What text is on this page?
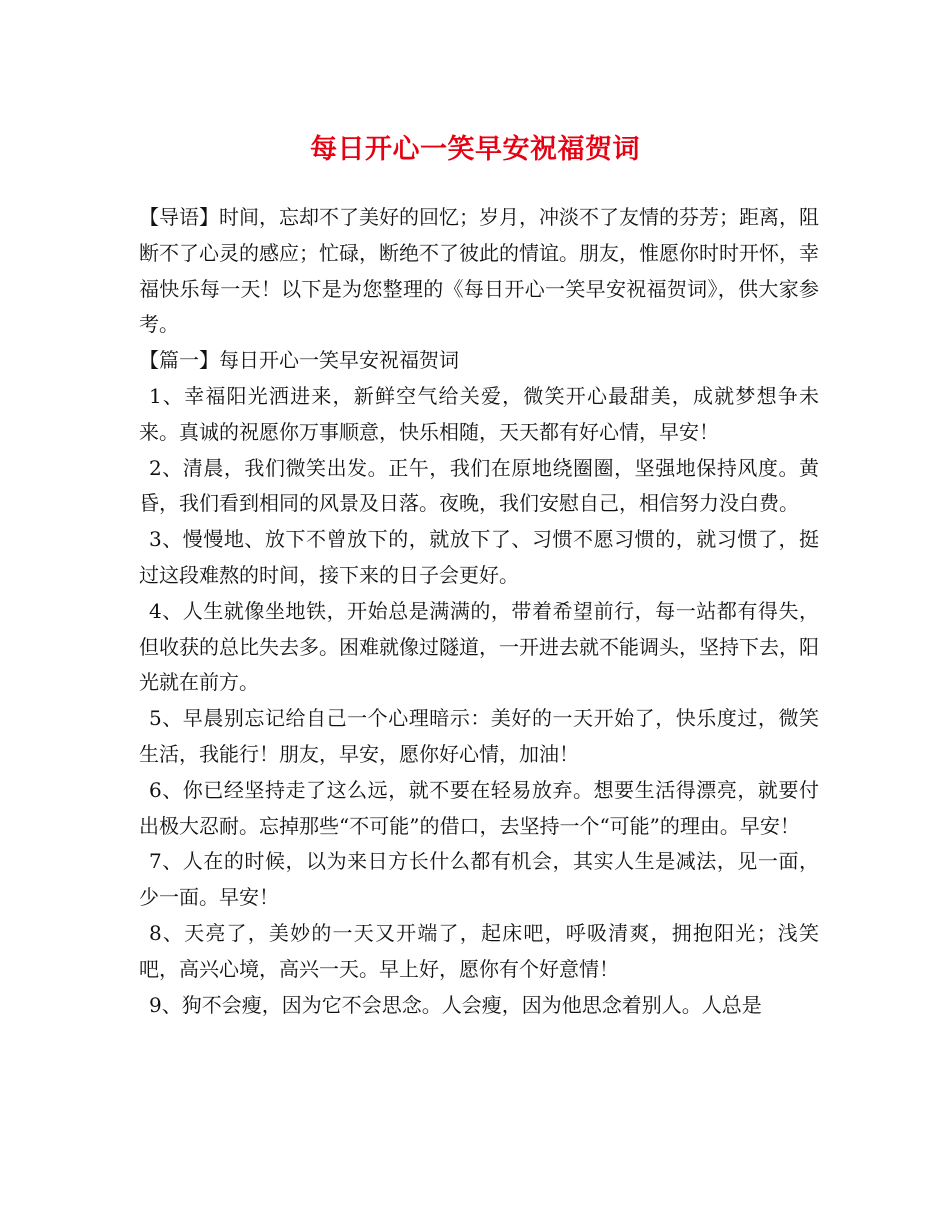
每日开心一笑早安祝福贺词

【导语】时间，忘却不了美好的回忆；岁月，冲淡不了友情的芬芳；距离，阻断不了心灵的感应；忙碌，断绝不了彼此的情谊。朋友，惟愿你时时开怀，幸福快乐每一天！以下是为您整理的《每日开心一笑早安祝福贺词》，供大家参考。

【篇一】每日开心一笑早安祝福贺词

1、幸福阳光洒进来，新鲜空气给关爱，微笑开心最甜美，成就梦想争未来。真诚的祝愿你万事顺意，快乐相随，天天都有好心情，早安！

2、清晨，我们微笑出发。正午，我们在原地绕圈圈，坚强地保持风度。黄昏，我们看到相同的风景及日落。夜晚，我们安慰自己，相信努力没白费。

3、慢慢地、放下不曾放下的，就放下了、习惯不愿习惯的，就习惯了，挺过这段难熬的时间，接下来的日子会更好。

4、人生就像坐地铁，开始总是满满的，带着希望前行，每一站都有得失，但收获的总比失去多。困难就像过隧道，一开进去就不能调头，坚持下去，阳光就在前方。

5、早晨别忘记给自己一个心理暗示：美好的一天开始了，快乐度过，微笑生活，我能行！朋友，早安，愿你好心情，加油！

6、你已经坚持走了这么远，就不要在轻易放弃。想要生活得漂亮，就要付出极大忍耐。忘掉那些“不可能”的借口，去坚持一个“可能”的理由。早安！

7、人在的时候，以为来日方长什么都有机会，其实人生是减法，见一面，少一面。早安！

8、天亮了，美妙的一天又开端了，起床吧，呼吸清爽，拥抱阳光；浅笑吧，高兴心境，高兴一天。早上好，愿你有个好意情！

9、狗不会瘦，因为它不会思念。人会瘦，因为他思念着别人。人总是
